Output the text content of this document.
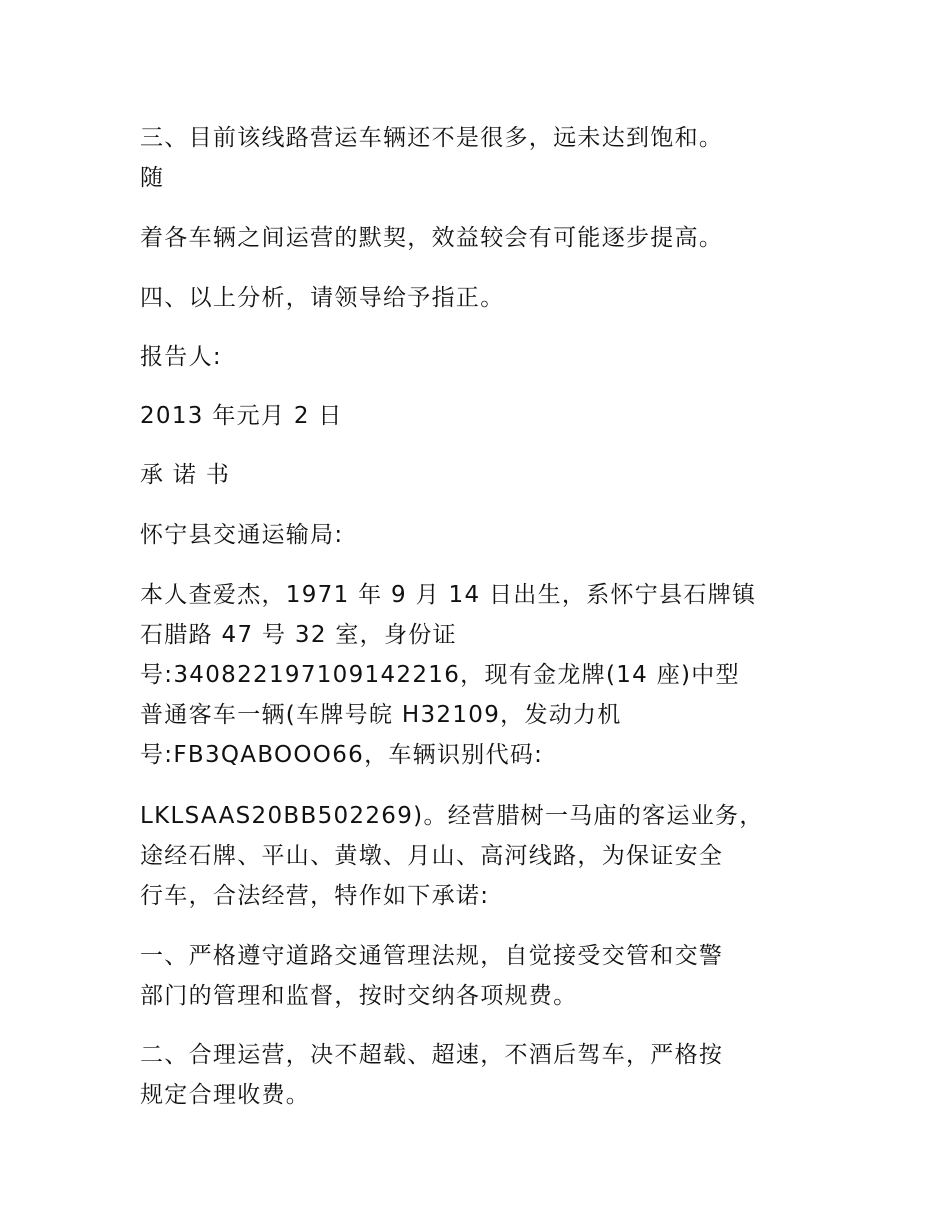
三、目前该线路营运车辆还不是很多，远未达到饱和。
随
着各车辆之间运营的默契，效益较会有可能逐步提高。
四、以上分析，请领导给予指正。
报告人:
2013 年元月 2 日
承 诺 书
怀宁县交通运输局:
本人查爱杰，1971 年 9 月 14 日出生，系怀宁县石牌镇
石腊路 47 号 32 室，身份证
号:340822197109142216，现有金龙牌(14 座)中型
普通客车一辆(车牌号皖 H32109，发动力机
号:FB3QABOOO66，车辆识别代码:
LKLSAAS20BB502269)。经营腊树一马庙的客运业务，
途经石牌、平山、黄墩、月山、高河线路，为保证安全
行车，合法经营，特作如下承诺:
一、严格遵守道路交通管理法规，自觉接受交管和交警
部门的管理和监督，按时交纳各项规费。
二、合理运营，决不超载、超速，不酒后驾车，严格按
规定合理收费。
